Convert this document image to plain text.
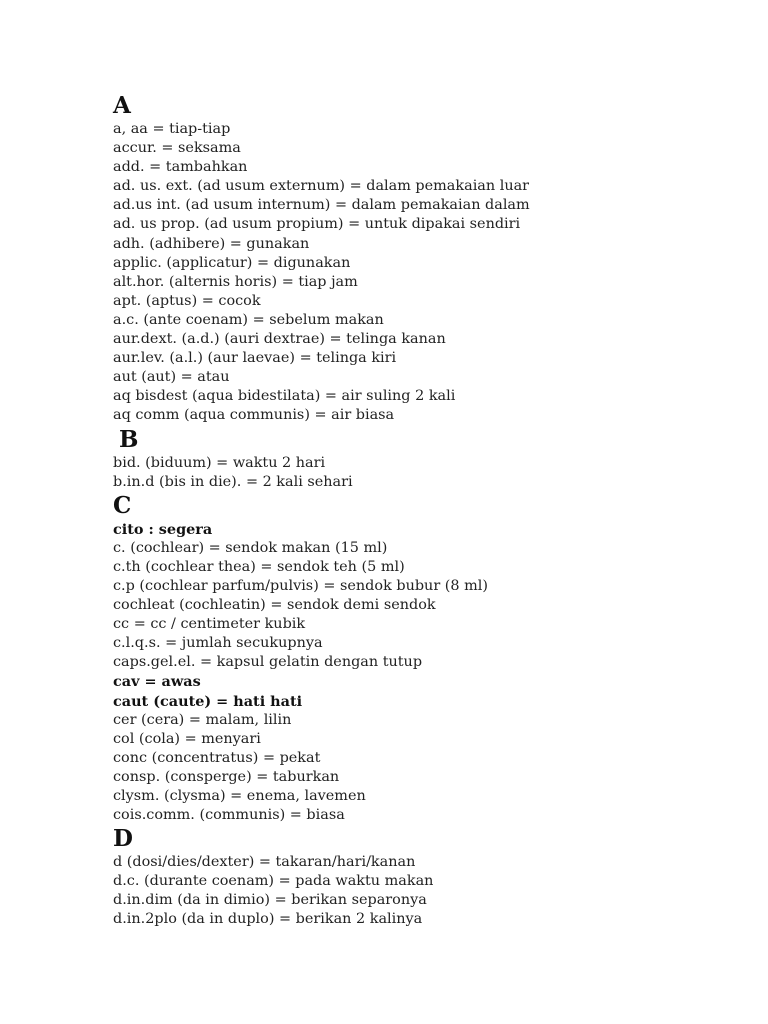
A

a, aa = tiap-tiap

accur. = seksama

add. = tambahkan

ad. us. ext. (ad usum externum) = dalam pemakaian luar

ad.us int. (ad usum internum) = dalam pemakaian dalam

ad. us prop. (ad usum propium) = untuk dipakai sendiri

adh. (adhibere) = gunakan

applic. (applicatur) = digunakan

alt.hor. (alternis horis) = tiap jam

apt. (aptus) = cocok

a.c. (ante coenam) = sebelum makan

aur.dext. (a.d.) (auri dextrae) = telinga kanan

aur.lev. (a.l.) (aur laevae) = telinga kiri

aut (aut) = atau

aq bisdest (aqua bidestilata) = air suling 2 kali

aq comm (aqua communis) = air biasa

B

bid. (biduum) = waktu 2 hari

b.in.d (bis in die). = 2 kali sehari

C

cito : segera

c. (cochlear) = sendok makan (15 ml)

c.th (cochlear thea) = sendok teh (5 ml)

c.p (cochlear parfum/pulvis) = sendok bubur (8 ml)

cochleat (cochleatin) = sendok demi sendok

cc = cc / centimeter kubik

c.l.q.s. = jumlah secukupnya

caps.gel.el. = kapsul gelatin dengan tutup

cav = awas

caut (caute) = hati hati

cer (cera) = malam, lilin

col (cola) = menyari

conc (concentratus) = pekat

consp. (consperge) = taburkan

clysm. (clysma) = enema, lavemen

cois.comm. (communis) = biasa

D

d (dosi/dies/dexter) = takaran/hari/kanan

d.c. (durante coenam) = pada waktu makan

d.in.dim (da in dimio) = berikan separonya

d.in.2plo (da in duplo) = berikan 2 kalinya
